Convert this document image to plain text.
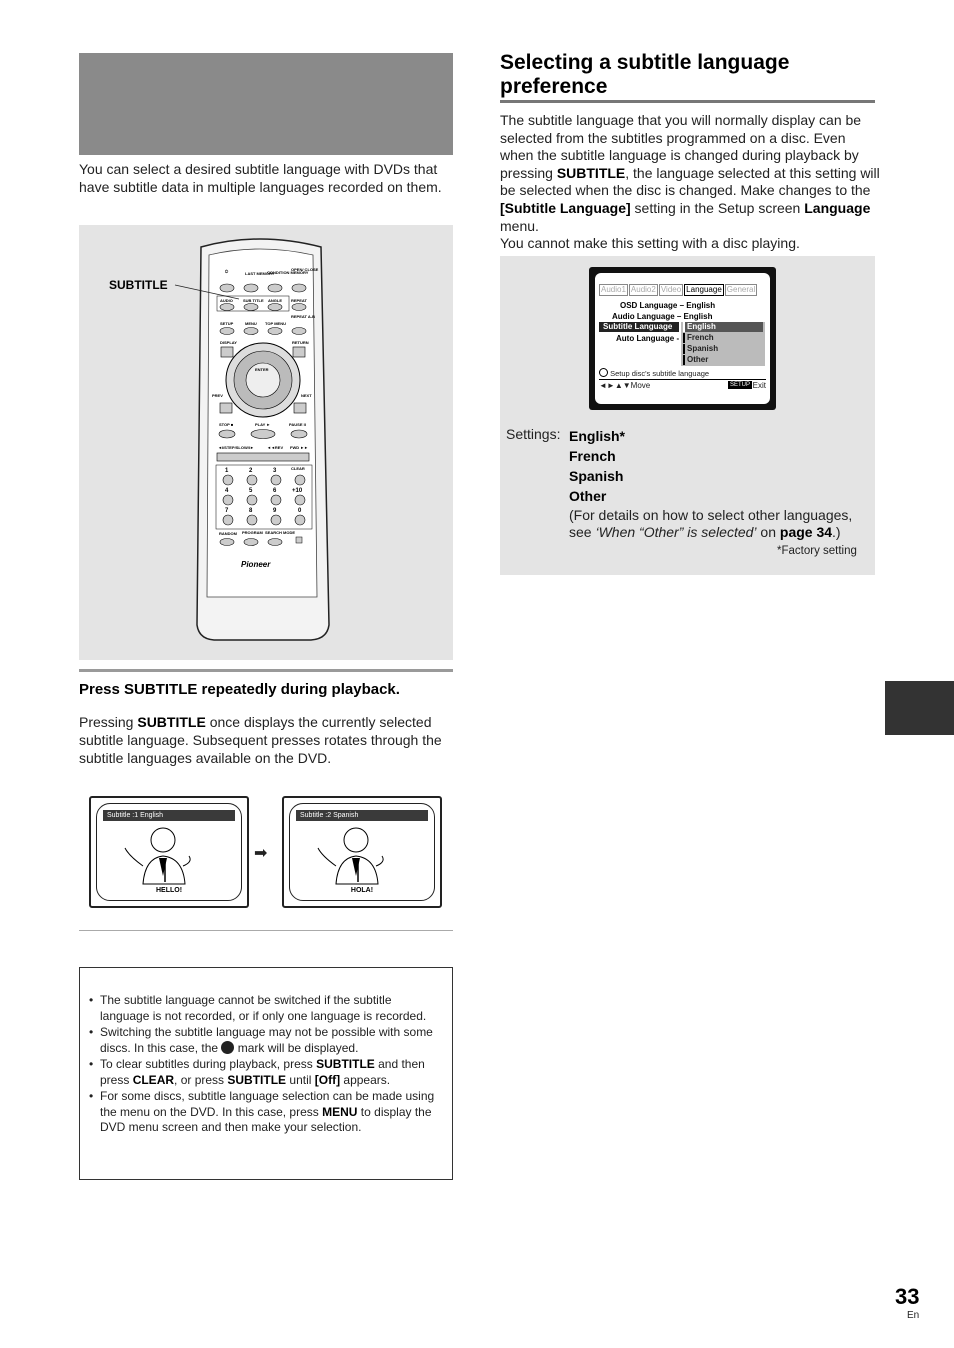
You can select a desired subtitle language with DVDs that have subtitle data in multiple languages recorded on them.
SUBTITLE
⏻	LAST MEMORY
CONDITION MEMORY
OPEN/ CLOSE
AUDIO	SUB TITLE ANGLE REPEAT
REPEAT A-B
SETUP	MENU TOP MENU
DISPLAY	RETURN
ENTER
PREV	NEXT
STOP ■	PLAY ►	PAUSE II
◄I/STEP/SLOW/I►	◄◄REV FWD ►►
1	2	3
4	5	6
7	8	9	0
+10
CLEAR
RANDOM PROGRAM SEARCH MODE
Pioneer
Press SUBTITLE repeatedly during playback.
Pressing SUBTITLE once displays the currently selected subtitle language. Subsequent presses rotates through the subtitle languages available on the DVD.
Subtitle :1 English
HELLO!
➡
Subtitle :2 Spanish
HOLA!
• The subtitle language cannot be switched if the subtitle language is not recorded, or if only one language is recorded.
• Switching the subtitle language may not be possible with some discs. In this case, the  mark will be displayed.
• To clear subtitles during playback, press SUBTITLE and then press CLEAR, or press SUBTITLE until [Off] appears.
• For some discs, subtitle language selection can be made using the menu on the DVD. In this case, press MENU to display the DVD menu screen and then make your selection.
Selecting a subtitle language preference
The subtitle language that you will normally display can be selected from the subtitles programmed on a disc. Even when the subtitle language is changed during playback by pressing SUBTITLE, the language selected at this setting will be selected when the disc is changed. Make changes to the [Subtitle Language] setting in the Setup screen Language menu.
You cannot make this setting with a disc playing.
Audio1 Audio2 Video Language General
OSD Language – English
Audio Language – English
Subtitle Language
Auto Language -
English
French
Spanish
Other
Setup disc's subtitle language
◄►▲▼Move	SETUP Exit
Settings: English*
French
Spanish
Other
(For details on how to select other languages, see ‘When “Other” is selected’ on page 34.)
*Factory setting
33
En
